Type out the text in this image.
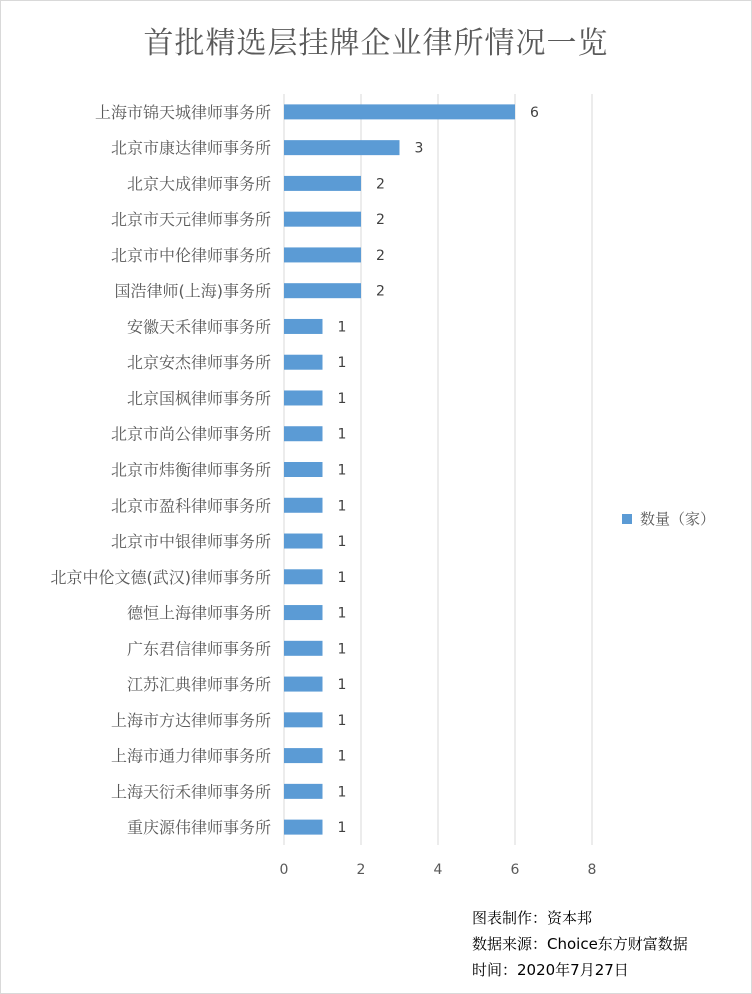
首批精选层挂牌企业律所情况一览
0	2	4	6	8
上海市锦天城律师事务所	6
北京市康达律师事务所	3
北京大成律师事务所	2
北京市天元律师事务所	2
北京市中伦律师事务所	2
国浩律师(上海)事务所	2
安徽天禾律师事务所	1
北京安杰律师事务所	1
北京国枫律师事务所	1
北京市尚公律师事务所	1
北京市炜衡律师事务所	1
北京市盈科律师事务所	1
北京市中银律师事务所	1
北京中伦文德(武汉)律师事务所	1
德恒上海律师事务所	1
广东君信律师事务所	1
江苏汇典律师事务所	1
上海市方达律师事务所	1
上海市通力律师事务所	1
上海天衍禾律师事务所	1
重庆源伟律师事务所	1
数量（家）
图表制作：资本邦
数据来源：Choice东方财富数据
时间：2020年7月27日
